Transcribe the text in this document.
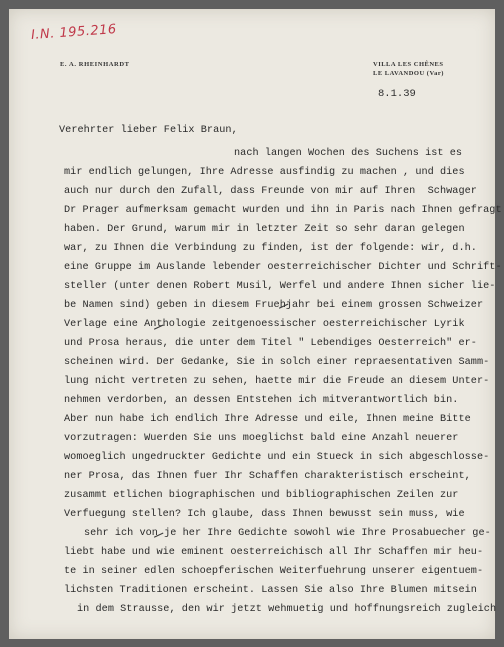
I.N. 195.216
E. A. RHEINHARDT	VILLA LES CHÊNES
LE LAVANDOU (Var)
8.1.39
Verehrter lieber Felix Braun,
nach langen Wochen des Suchens ist es
mir endlich gelungen, Ihre Adresse ausfindig zu machen , und dies
auch nur durch den Zufall, dass Freunde von mir auf Ihren  Schwager
Dr Prager aufmerksam gemacht wurden und ihn in Paris nach Ihnen gefragt
haben. Der Grund, warum mir in letzter Zeit so sehr daran gelegen
war, zu Ihnen die Verbindung zu finden, ist der folgende: wir, d.h.
eine Gruppe im Auslande lebender oesterreichischer Dichter und Schrift-
steller (unter denen Robert Musil, Werfel und andere Ihnen sicher lie-
be Namen sind) geben in diesem Fruehjahr bei einem grossen Schweizer
Verlage eine Anthologie zeitgenoessischer oesterreichischer Lyrik
und Prosa heraus, die unter dem Titel " Lebendiges Oesterreich" er-
scheinen wird. Der Gedanke, Sie in solch einer repraesentativen Samm-
lung nicht vertreten zu sehen, haette mir die Freude an diesem Unter-
nehmen verdorben, an dessen Entstehen ich mitverantwortlich bin.
Aber nun habe ich endlich Ihre Adresse und eile, Ihnen meine Bitte
vorzutragen: Wuerden Sie uns moeglichst bald eine Anzahl neuerer
womoeglich ungedruckter Gedichte und ein Stueck in sich abgeschlosse-
ner Prosa, das Ihnen fuer Ihr Schaffen charakteristisch erscheint,
zusammt etlichen biographischen und bibliographischen Zeilen zur
Verfuegung stellen? Ich glaube, dass Ihnen bewusst sein muss, wie
sehr ich von je her Ihre Gedichte sowohl wie Ihre Prosabuecher ge-
liebt habe und wie eminent oesterreichisch all Ihr Schaffen mir heu-
te in seiner edlen schoepferischen Weiterfuehrung unserer eigentuem-
lichsten Traditionen erscheint. Lassen Sie also Ihre Blumen mitsein
in dem Strausse, den wir jetzt wehmuetig und hoffnungsreich zugleich
